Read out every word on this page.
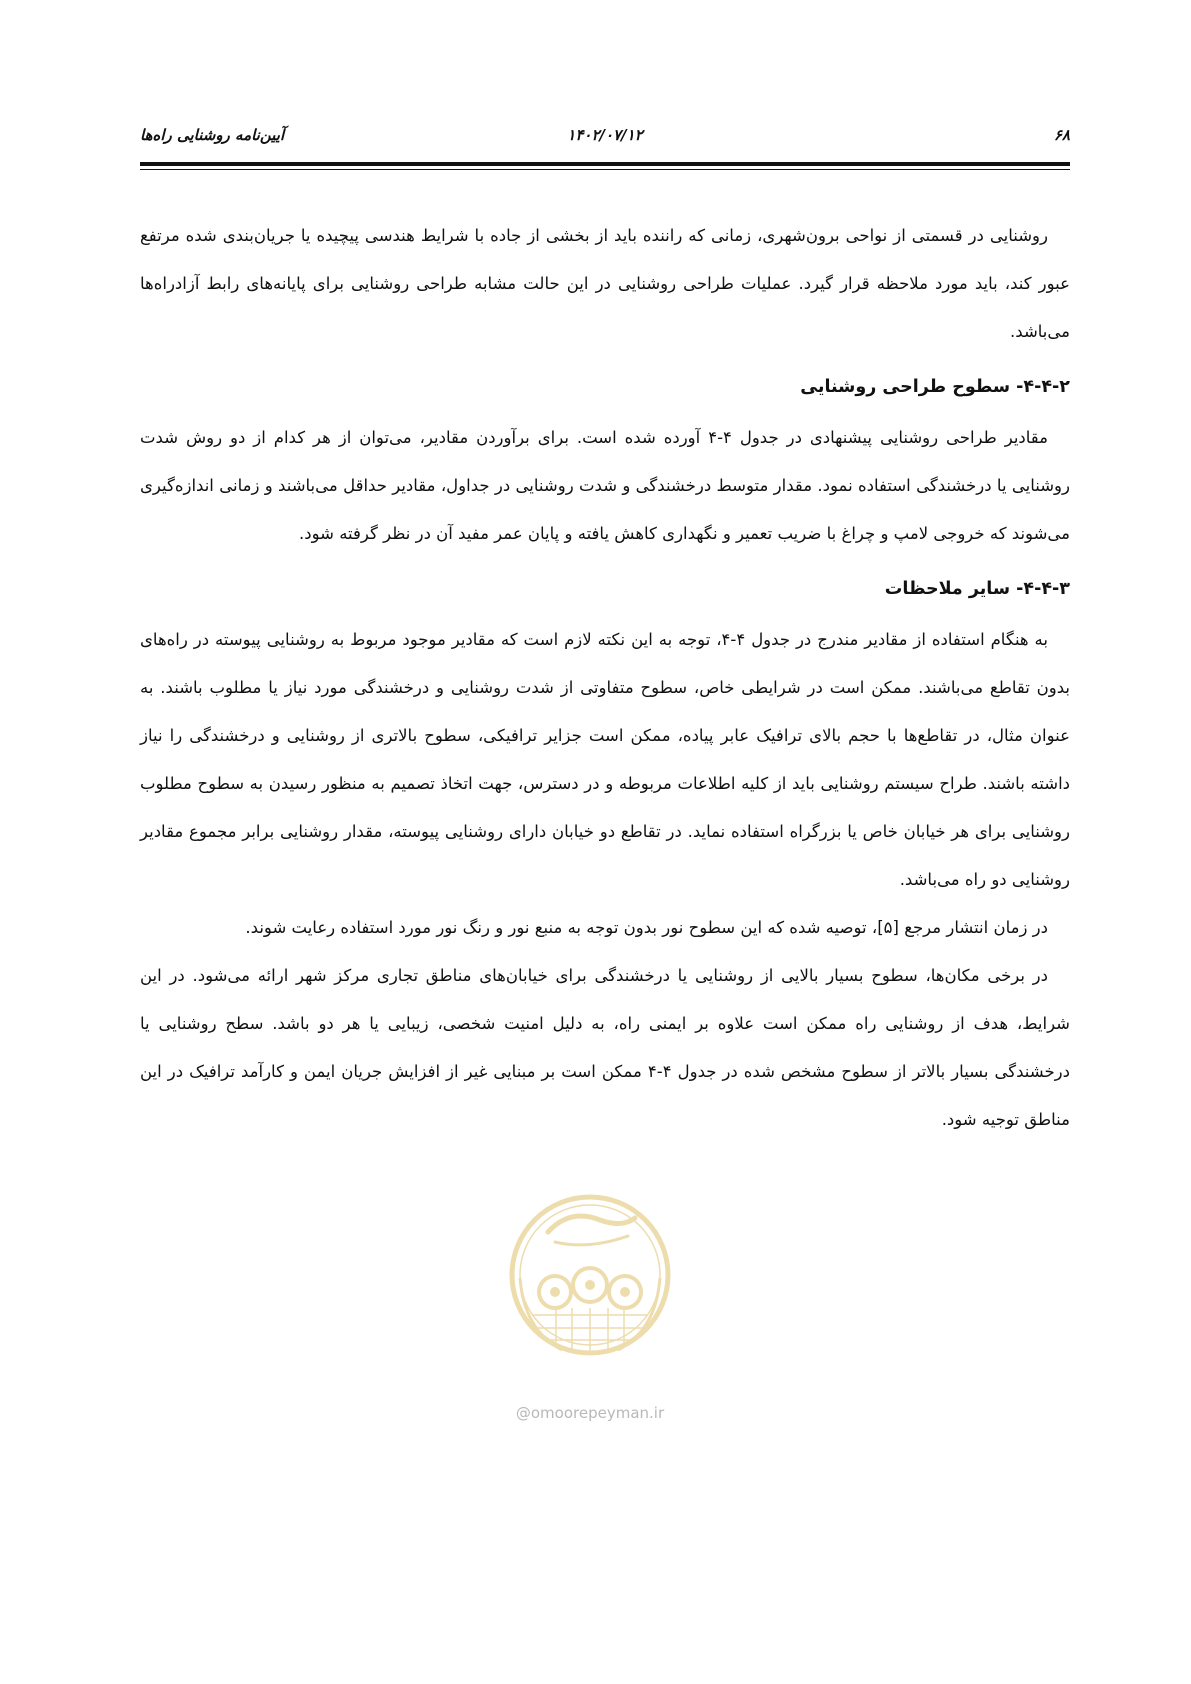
۶۸
۱۴۰۲/۰۷/۱۲
آیین‌نامه روشنایی راه‌ها

روشنایی در قسمتی از نواحی برون‌شهری، زمانی که راننده باید از بخشی از جاده با شرایط هندسی پیچیده یا جریان‌بندی شده مرتفع عبور کند، باید مورد ملاحظه قرار گیرد. عملیات طراحی روشنایی در این حالت مشابه طراحی روشنایی برای پایانه‌های رابط آزادراه‌ها می‌باشد.

۴-۴-۲- سطوح طراحی روشنایی

مقادیر طراحی روشنایی پیشنهادی در جدول ۴-۴ آورده شده است. برای برآوردن مقادیر، می‌توان از هر کدام از دو روش شدت روشنایی یا درخشندگی استفاده نمود. مقدار متوسط درخشندگی و شدت روشنایی در جداول، مقادیر حداقل می‌باشند و زمانی اندازه‌گیری می‌شوند که خروجی لامپ و چراغ با ضریب تعمیر و نگهداری کاهش یافته و پایان عمر مفید آن در نظر گرفته شود.

۴-۴-۳- سایر ملاحظات

به هنگام استفاده از مقادیر مندرج در جدول ۴-۴، توجه به این نکته لازم است که مقادیر موجود مربوط به روشنایی پیوسته در راه‌های بدون تقاطع می‌باشند. ممکن است در شرایطی خاص، سطوح متفاوتی از شدت روشنایی و درخشندگی مورد نیاز یا مطلوب باشند. به عنوان مثال، در تقاطع‌ها با حجم بالای ترافیک عابر پیاده، ممکن است جزایر ترافیکی، سطوح بالاتری از روشنایی و درخشندگی را نیاز داشته باشند. طراح سیستم روشنایی باید از کلیه اطلاعات مربوطه و در دسترس، جهت اتخاذ تصمیم به منظور رسیدن به سطوح مطلوب روشنایی برای هر خیابان خاص یا بزرگراه استفاده نماید. در تقاطع دو خیابان دارای روشنایی پیوسته، مقدار روشنایی برابر مجموع مقادیر روشنایی دو راه می‌باشد.

در زمان انتشار مرجع [۵]، توصیه شده که این سطوح نور بدون توجه به منبع نور و رنگ نور مورد استفاده رعایت شوند.

در برخی مکان‌ها، سطوح بسیار بالایی از روشنایی یا درخشندگی برای خیابان‌های مناطق تجاری مرکز شهر ارائه می‌شود. در این شرایط، هدف از روشنایی راه ممکن است علاوه بر ایمنی راه، به دلیل امنیت شخصی، زیبایی یا هر دو باشد. سطح روشنایی یا درخشندگی بسیار بالاتر از سطوح مشخص شده در جدول ۴-۴ ممکن است بر مبنایی غیر از افزایش جریان ایمن و کارآمد ترافیک در این مناطق توجیه شود.

@omoorepeyman.ir
